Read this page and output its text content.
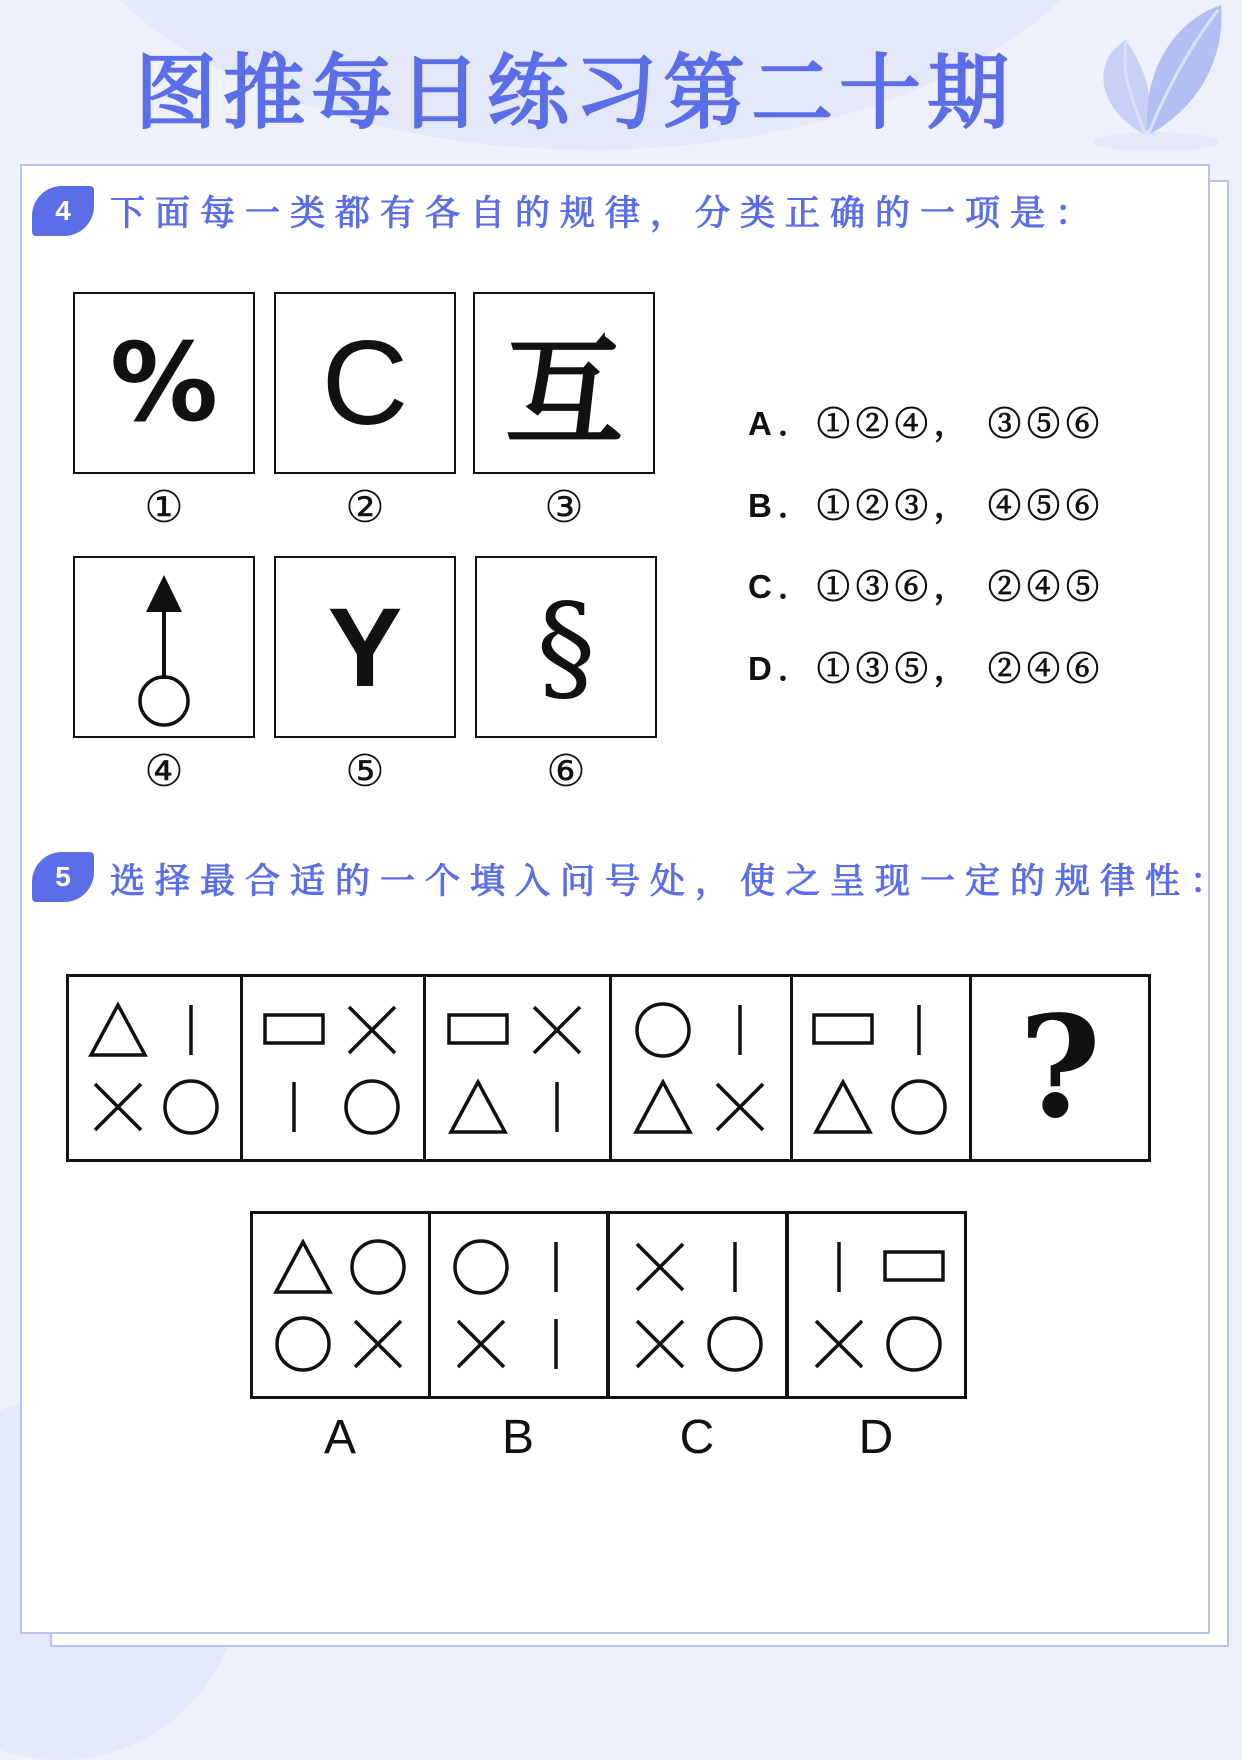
图推每日练习第二十期
4	下面每一类都有各自的规律，分类正确的一项是：
% C 互
Y §
①	②	③
④	⑤	⑥
A．①②④， ③⑤⑥
B．①②③， ④⑤⑥
C．①③⑥， ②④⑤
D．①③⑤， ②④⑥
5	选择最合适的一个填入问号处，使之呈现一定的规律性：
?
A	B	C	D
